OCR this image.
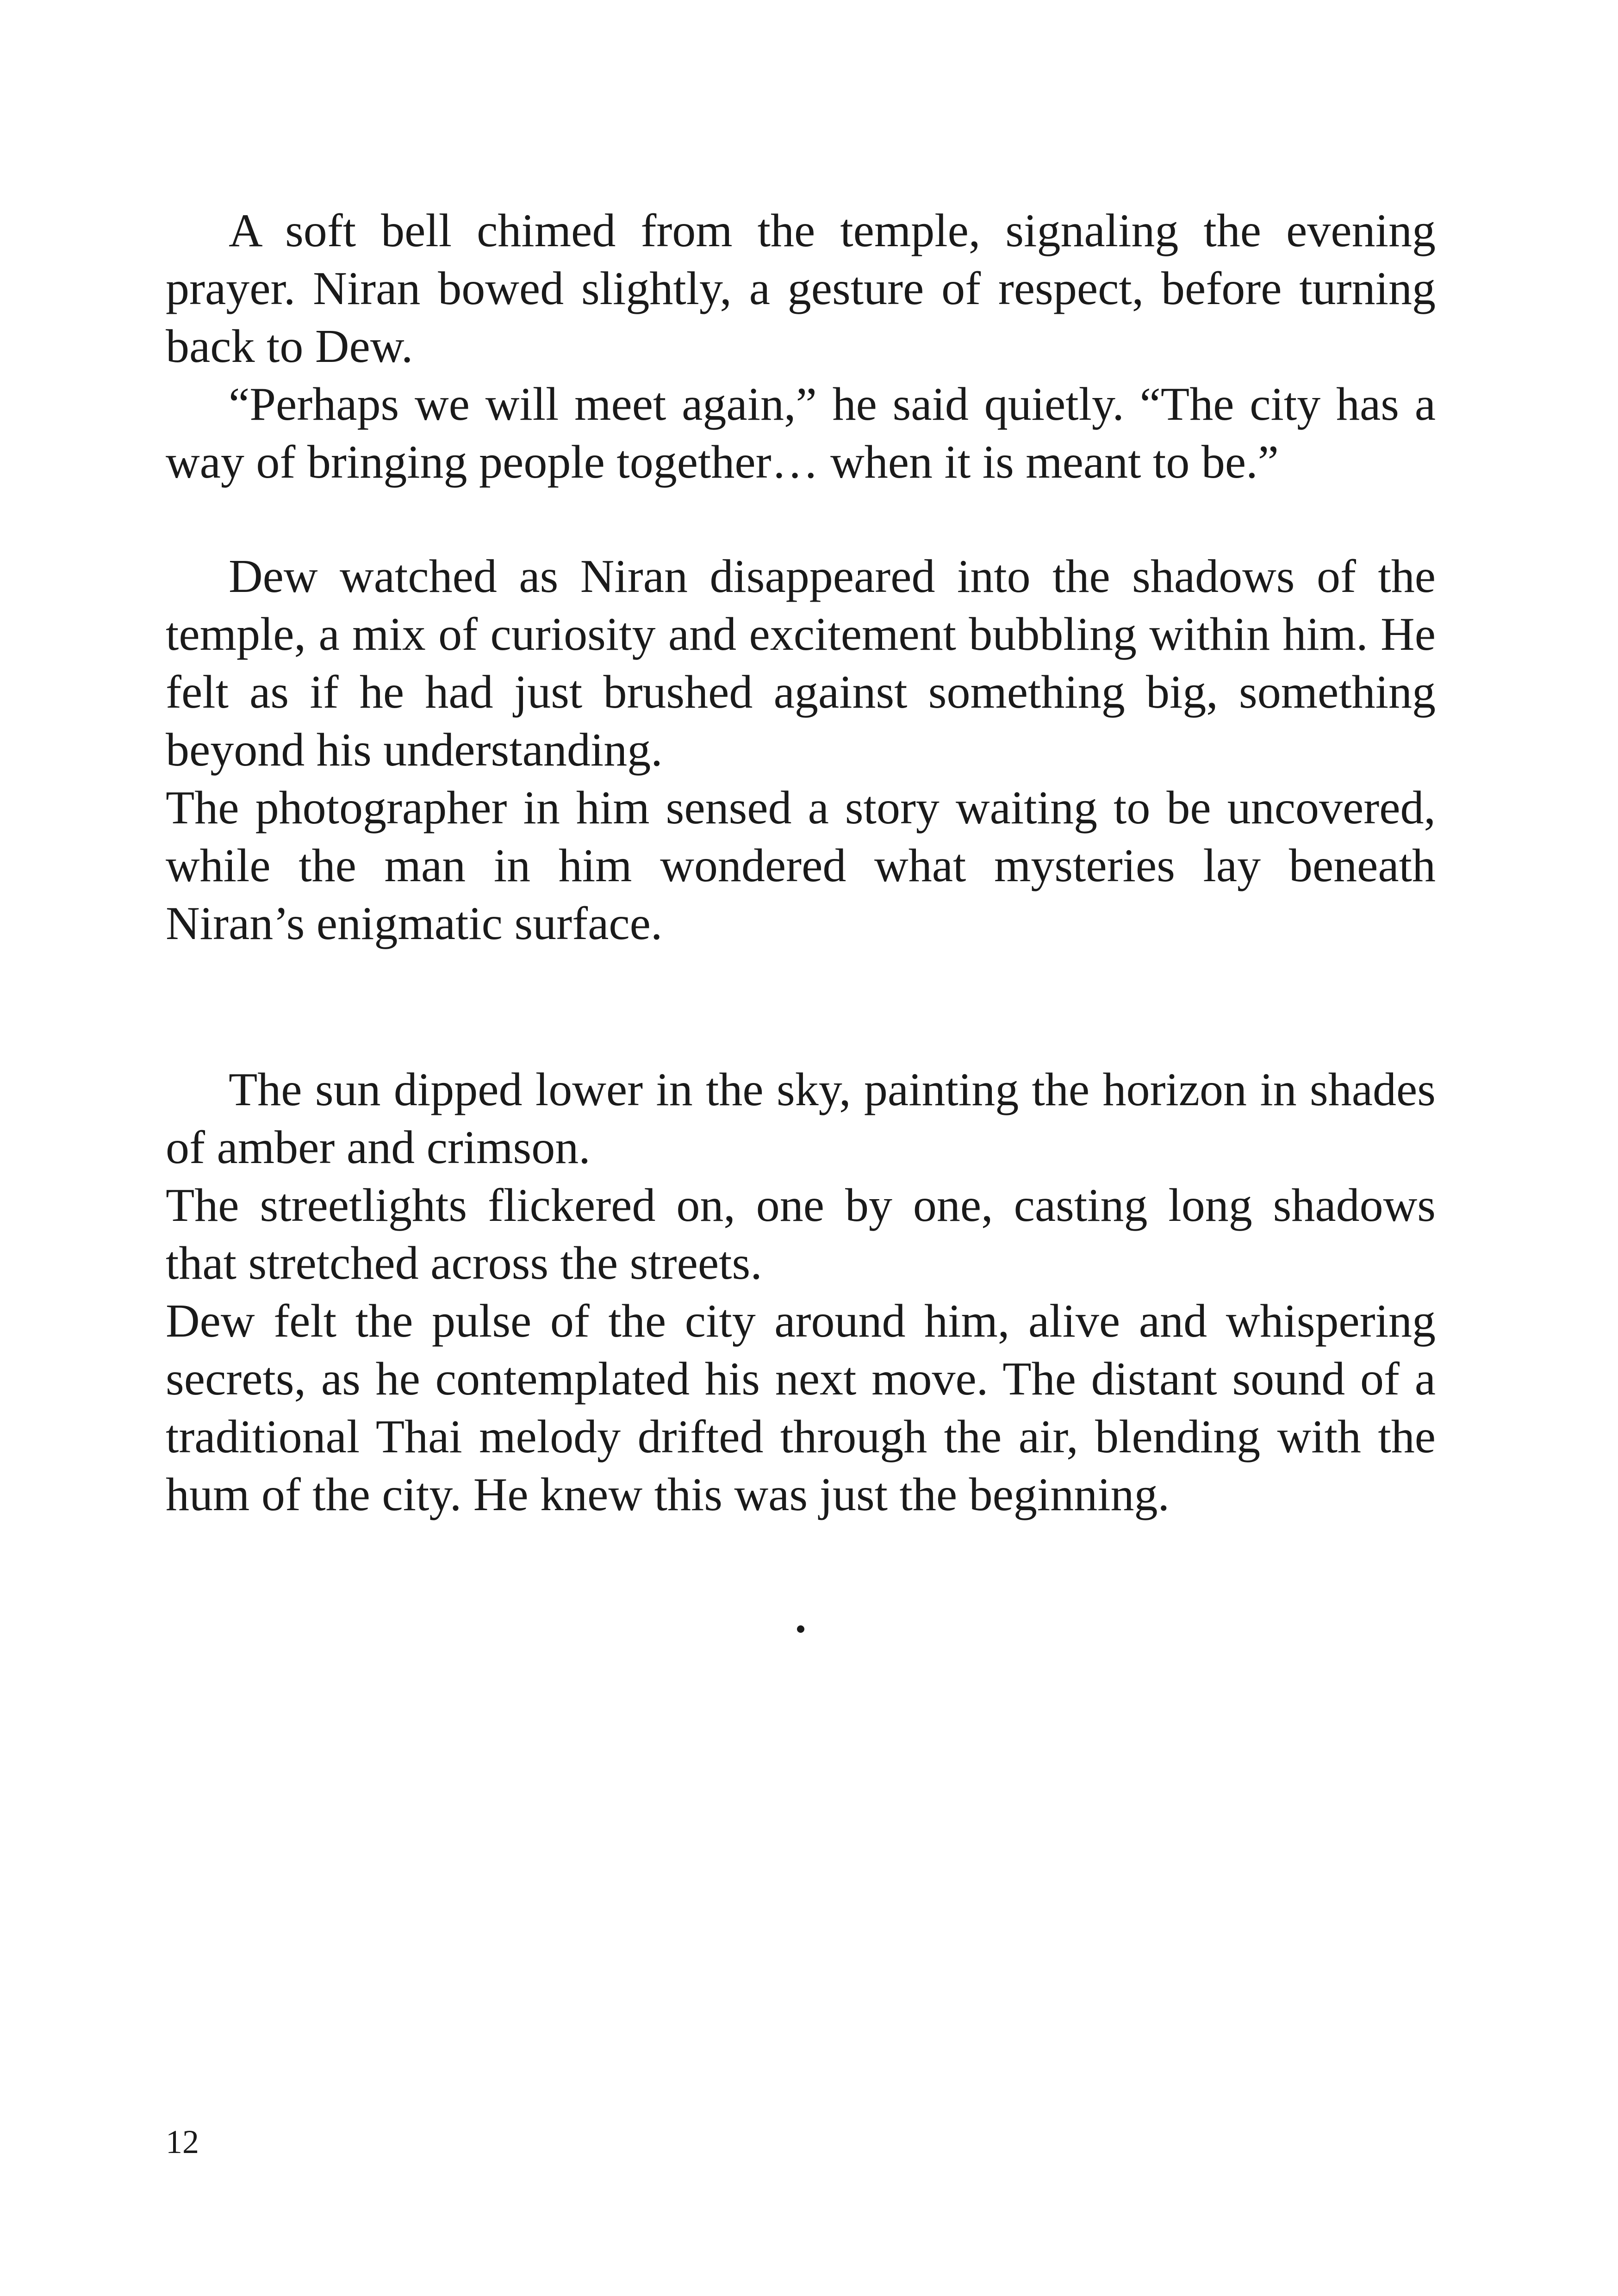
A soft bell chimed from the temple, signaling the evening prayer. Niran bowed slightly, a gesture of respect, before turning back to Dew.

“Perhaps we will meet again,” he said quietly. “The city has a way of bringing people together… when it is meant to be.”

Dew watched as Niran disappeared into the shadows of the temple, a mix of curiosity and excitement bubbling within him. He felt as if he had just brushed against something big, something beyond his understanding.

The photographer in him sensed a story waiting to be uncovered, while the man in him wondered what mysteries lay beneath Niran’s enigmatic surface.

The sun dipped lower in the sky, painting the horizon in shades of amber and crimson.

The streetlights flickered on, one by one, casting long shadows that stretched across the streets.

Dew felt the pulse of the city around him, alive and whispering secrets, as he contemplated his next move. The distant sound of a traditional Thai melody drifted through the air, blending with the hum of the city. He knew this was just the beginning.

12
